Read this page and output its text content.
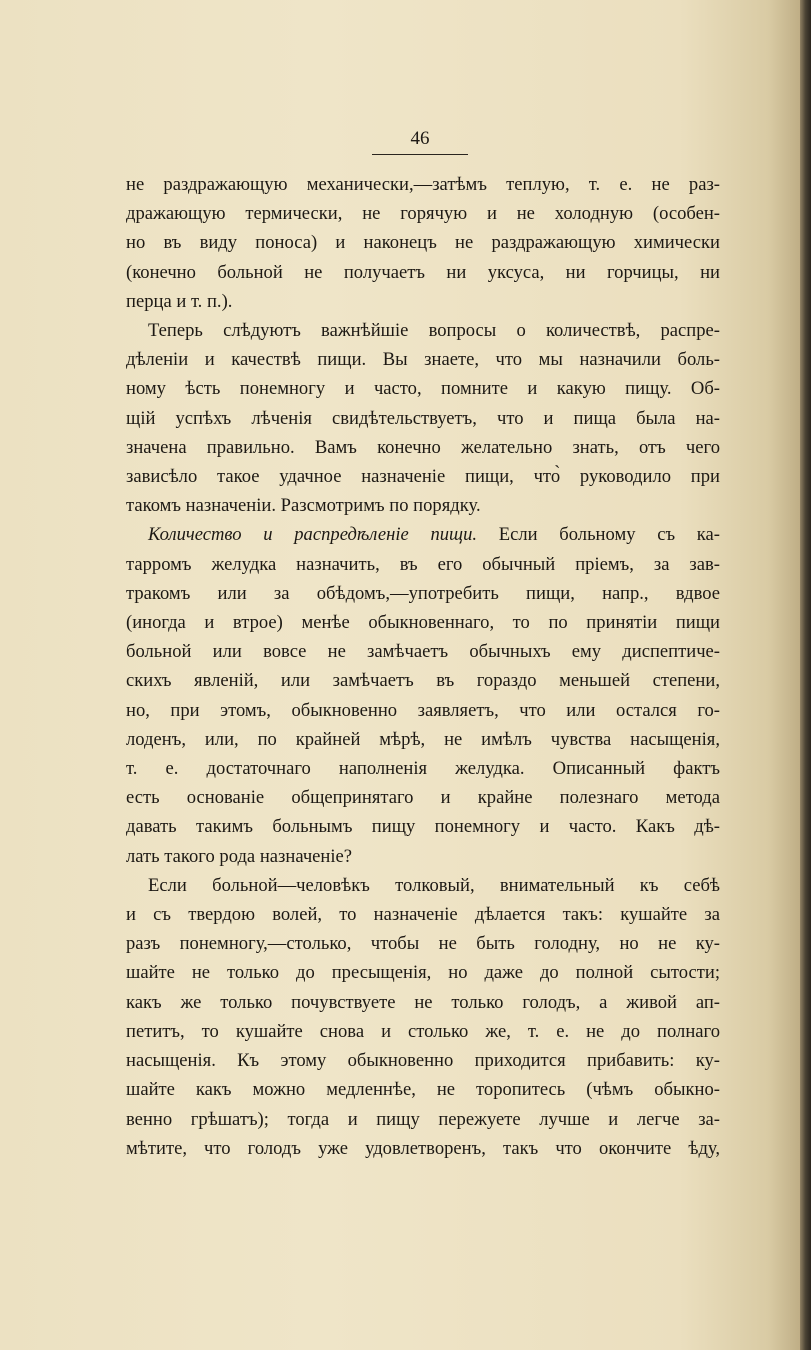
46
не раздражающую механически,—затѣмъ теплую, т. е. не раз-
дражающую термически, не горячую и не холодную (особен-
но въ виду поноса) и наконецъ не раздражающую химически
(конечно больной не получаетъ ни уксуса, ни горчицы, ни
перца и т. п.).
Теперь слѣдуютъ важнѣйшіе вопросы о количествѣ, распре-
дѣленіи и качествѣ пищи. Вы знаете, что мы назначили боль-
ному ѣсть понемногу и часто, помните и какую пищу. Об-
щій успѣхъ лѣченія свидѣтельствуетъ, что и пища была на-
значена правильно. Вамъ конечно желательно знать, отъ чего
зависѣло такое удачное назначеніе пищи, что̀ руководило при
такомъ назначеніи. Разсмотримъ по порядку.
Количество и распредѣленіе пищи. Если больному съ ка-
тарромъ желудка назначить, въ его обычный пріемъ, за зав-
тракомъ или за обѣдомъ,—употребить пищи, напр., вдвое
(иногда и втрое) менѣе обыкновеннаго, то по принятіи пищи
больной или вовсе не замѣчаетъ обычныхъ ему диспептиче-
скихъ явленій, или замѣчаетъ въ гораздо меньшей степени,
но, при этомъ, обыкновенно заявляетъ, что или остался го-
лоденъ, или, по крайней мѣрѣ, не имѣлъ чувства насыщенія,
т. е. достаточнаго наполненія желудка. Описанный фактъ
есть основаніе общепринятаго и крайне полезнаго метода
давать такимъ больнымъ пищу понемногу и часто. Какъ дѣ-
лать такого рода назначеніе?
Если больной—человѣкъ толковый, внимательный къ себѣ
и съ твердою волей, то назначеніе дѣлается такъ: кушайте за
разъ понемногу,—столько, чтобы не быть голодну, но не ку-
шайте не только до пресыщенія, но даже до полной сытости;
какъ же только почувствуете не только голодъ, а живой ап-
петитъ, то кушайте снова и столько же, т. е. не до полнаго
насыщенія. Къ этому обыкновенно приходится прибавить: ку-
шайте какъ можно медленнѣе, не торопитесь (чѣмъ обыкно-
венно грѣшатъ); тогда и пищу пережуете лучше и легче за-
мѣтите, что голодъ уже удовлетворенъ, такъ что окончите ѣду,
